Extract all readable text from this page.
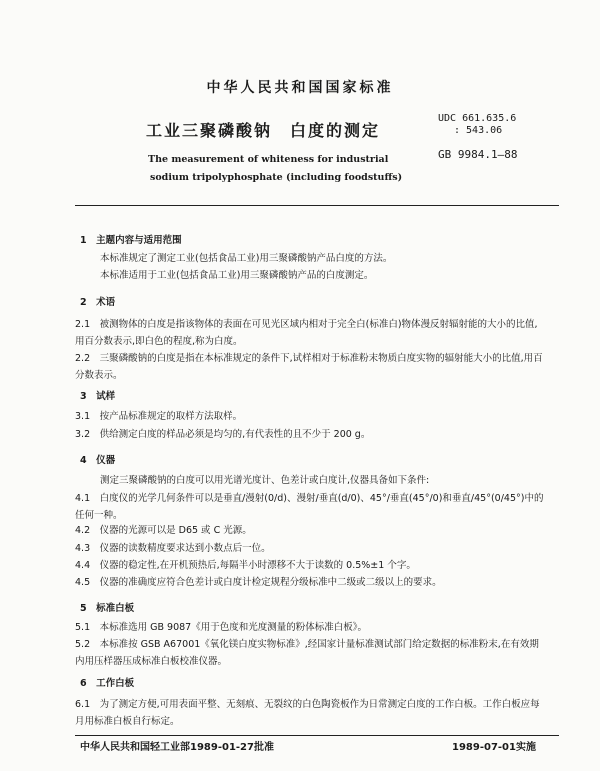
中华人民共和国国家标准
工业三聚磷酸钠　白度的测定
UDC 661.635.6
: 543.06
GB 9984.1—88
The measurement of whiteness for industrial
sodium tripolyphosphate (including foodstuffs)
1　主题内容与适用范围
本标准规定了测定工业(包括食品工业)用三聚磷酸钠产品白度的方法。
本标准适用于工业(包括食品工业)用三聚磷酸钠产品的白度测定。
2　术语
2.1　被测物体的白度是指该物体的表面在可见光区域内相对于完全白(标准白)物体漫反射辐射能的大小的比值,用百分数表示,即白色的程度,称为白度。
2.2　三聚磷酸钠的白度是指在本标准规定的条件下,试样相对于标准粉末物质白度实物的辐射能大小的比值,用百分数表示。
3　试样
3.1　按产品标准规定的取样方法取样。
3.2　供给测定白度的样品必须是均匀的,有代表性的且不少于 200 g。
4　仪器
测定三聚磷酸钠的白度可以用光谱光度计、色差计或白度计,仪器具备如下条件:
4.1　白度仪的光学几何条件可以是垂直/漫射(0/d)、漫射/垂直(d/0)、45°/垂直(45°/0)和垂直/45°(0/45°)中的任何一种。
4.2　仪器的光源可以是 D65 或 C 光源。
4.3　仪器的读数精度要求达到小数点后一位。
4.4　仪器的稳定性,在开机预热后,每隔半小时漂移不大于读数的 0.5%±1 个字。
4.5　仪器的准确度应符合色差计或白度计检定规程分级标准中二级或二级以上的要求。
5　标准白板
5.1　本标准选用 GB 9087《用于色度和光度测量的粉体标准白板》。
5.2　本标准按 GSB A67001《氧化镁白度实物标准》,经国家计量标准测试部门给定数据的标准粉末,在有效期内用压样器压成标准白板校准仪器。
6　工作白板
6.1　为了测定方便,可用表面平整、无刻痕、无裂纹的白色陶瓷板作为日常测定白度的工作白板。工作白板应每月用标准白板自行标定。
中华人民共和国轻工业部1989-01-27批准	1989-07-01实施
